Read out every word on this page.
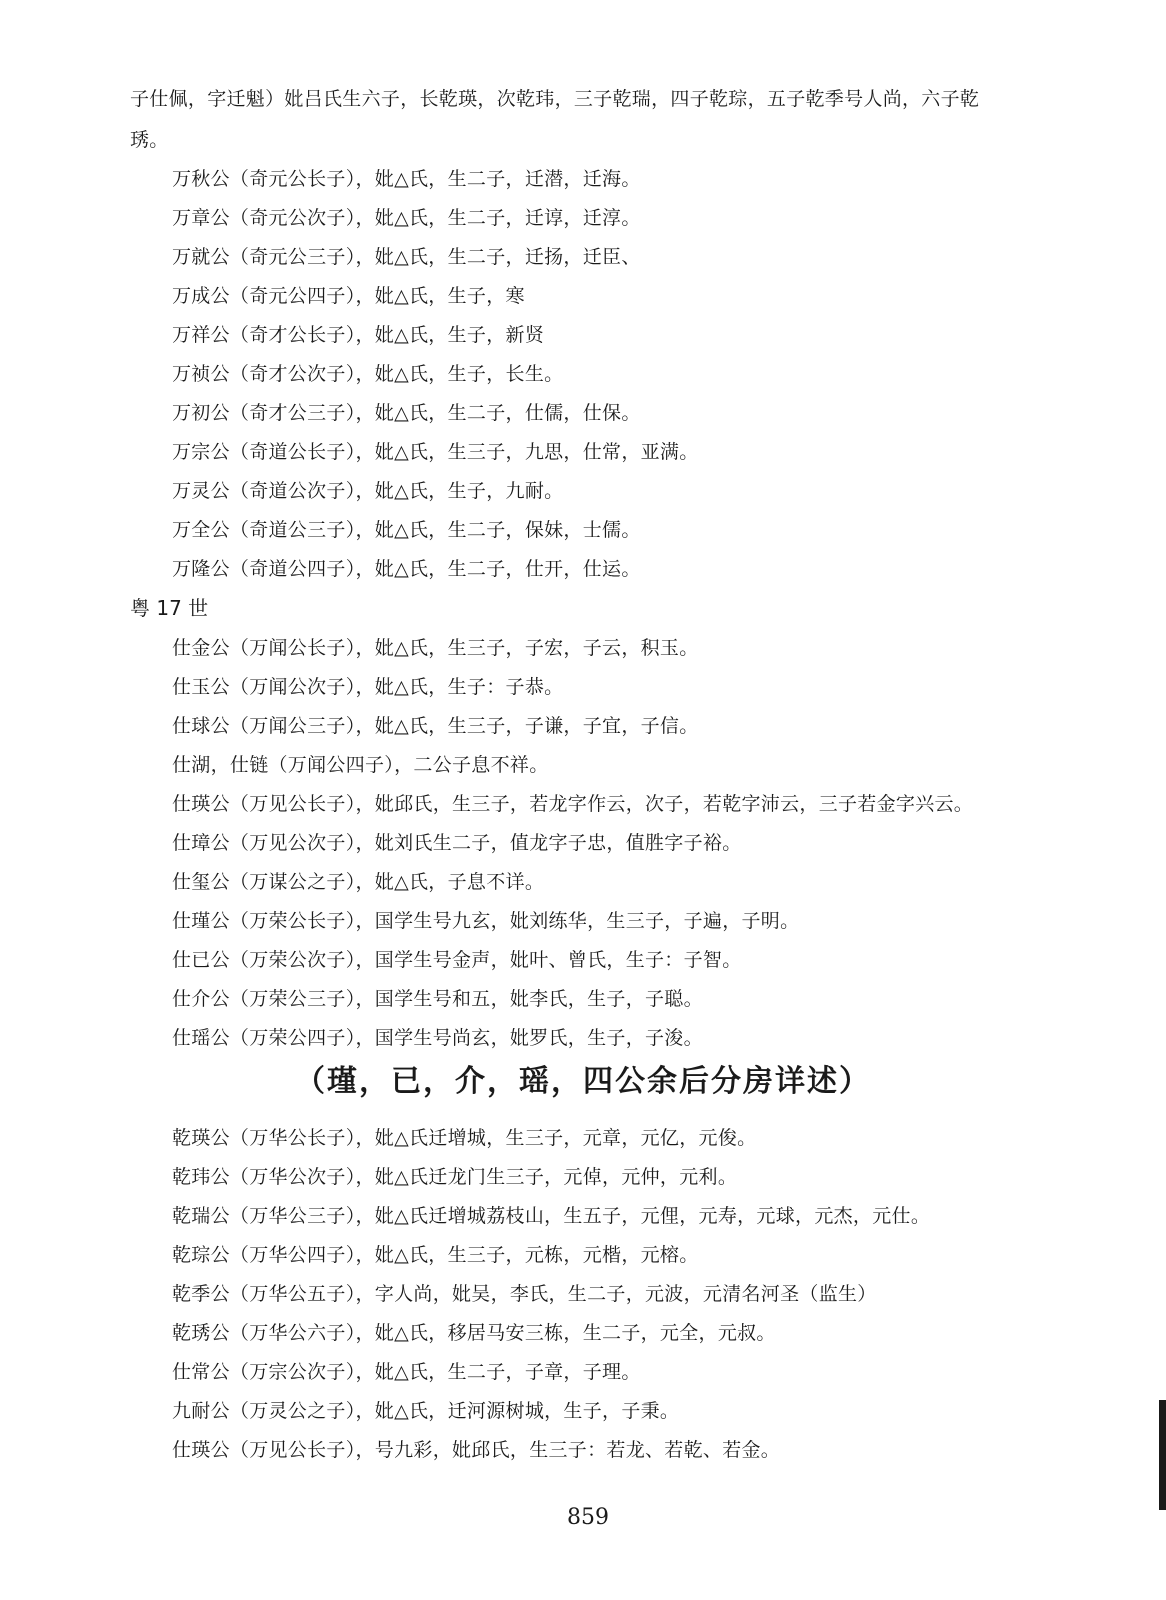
子仕佩，字迁魁）妣吕氏生六子，长乾瑛，次乾玮，三子乾瑞，四子乾琮，五子乾季号人尚，六子乾
琇。
万秋公（奇元公长子），妣△氏，生二子，迁潜，迁海。
万章公（奇元公次子），妣△氏，生二子，迁谆，迁淳。
万就公（奇元公三子），妣△氏，生二子，迁扬，迁臣、
万成公（奇元公四子），妣△氏，生子，寒
万祥公（奇才公长子），妣△氏，生子，新贤
万祯公（奇才公次子），妣△氏，生子，长生。
万初公（奇才公三子），妣△氏，生二子，仕儒，仕保。
万宗公（奇道公长子），妣△氏，生三子，九思，仕常，亚满。
万灵公（奇道公次子），妣△氏，生子，九耐。
万全公（奇道公三子），妣△氏，生二子，保妹，士儒。
万隆公（奇道公四子），妣△氏，生二子，仕开，仕运。
粤 17 世
仕金公（万闻公长子），妣△氏，生三子，子宏，子云，积玉。
仕玉公（万闻公次子），妣△氏，生子：子恭。
仕球公（万闻公三子），妣△氏，生三子，子谦，子宜，子信。
仕湖，仕链（万闻公四子），二公子息不祥。
仕瑛公（万见公长子），妣邱氏，生三子，若龙字作云，次子，若乾字沛云，三子若金字兴云。
仕璋公（万见公次子），妣刘氏生二子，值龙字子忠，值胜字子裕。
仕玺公（万谋公之子），妣△氏，子息不详。
仕瑾公（万荣公长子），国学生号九玄，妣刘练华，生三子，子遍，子明。
仕已公（万荣公次子），国学生号金声，妣叶、曾氏，生子：子智。
仕介公（万荣公三子），国学生号和五，妣李氏，生子，子聪。
仕瑶公（万荣公四子），国学生号尚玄，妣罗氏，生子，子浚。
（瑾，已，介，瑶，四公余后分房详述）
乾瑛公（万华公长子），妣△氏迁增城，生三子，元章，元亿，元俊。
乾玮公（万华公次子），妣△氏迁龙门生三子，元倬，元仲，元利。
乾瑞公（万华公三子），妣△氏迁增城荔枝山，生五子，元俚，元寿，元球，元杰，元仕。
乾琮公（万华公四子），妣△氏，生三子，元栋，元楷，元榕。
乾季公（万华公五子），字人尚，妣吴，李氏，生二子，元波，元清名河圣（监生）
乾琇公（万华公六子），妣△氏，移居马安三栋，生二子，元全，元叔。
仕常公（万宗公次子），妣△氏，生二子，子章，子理。
九耐公（万灵公之子），妣△氏，迁河源树城，生子，子秉。
仕瑛公（万见公长子），号九彩，妣邱氏，生三子：若龙、若乾、若金。
859
